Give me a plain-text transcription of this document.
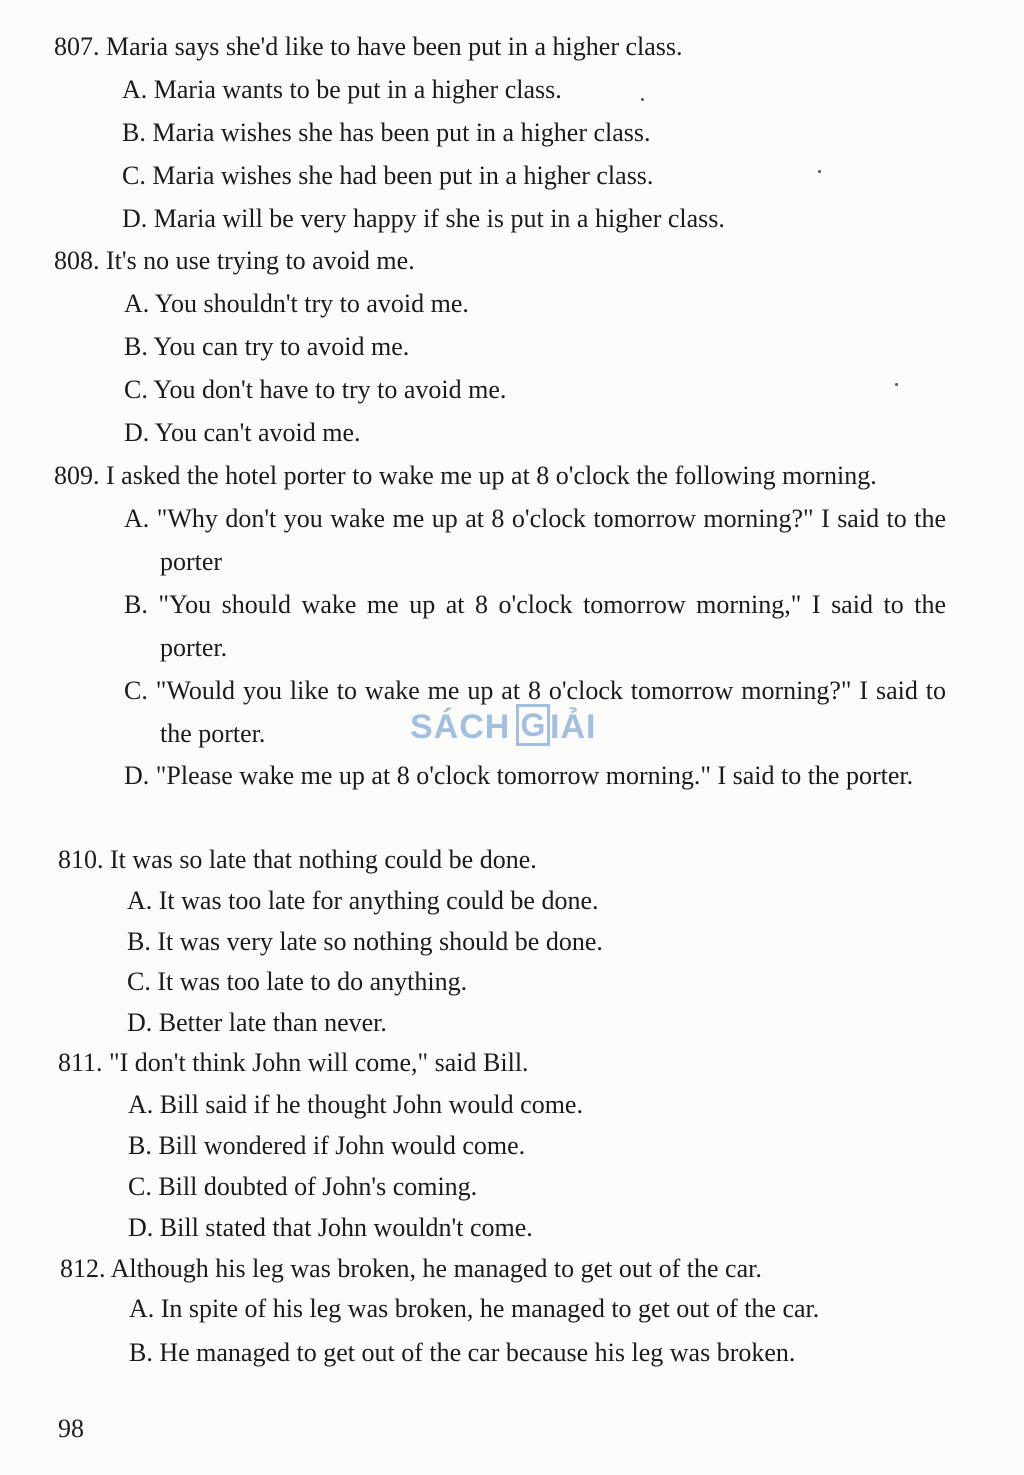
807. Maria says she'd like to have been put in a higher class.
A. Maria wants to be put in a higher class.
B. Maria wishes she has been put in a higher class.
C. Maria wishes she had been put in a higher class.
D. Maria will be very happy if she is put in a higher class.
808. It's no use trying to avoid me.
A. You shouldn't try to avoid me.
B. You can try to avoid me.
C. You don't have to try to avoid me.
D. You can't avoid me.
809. I asked the hotel porter to wake me up at 8 o'clock the following morning.
A. "Why don't you wake me up at 8 o'clock tomorrow morning?" I said to the porter
B. "You should wake me up at 8 o'clock tomorrow morning," I said to the porter.
C. "Would you like to wake me up at 8 o'clock tomorrow morning?" I said to the porter.
D. "Please wake me up at 8 o'clock tomorrow morning." I said to the porter.
810. It was so late that nothing could be done.
A. It was too late for anything could be done.
B. It was very late so nothing should be done.
C. It was too late to do anything.
D. Better late than never.
811. "I don't think John will come," said Bill.
A. Bill said if he thought John would come.
B. Bill wondered if John would come.
C. Bill doubted of John's coming.
D. Bill stated that John wouldn't come.
812. Although his leg was broken, he managed to get out of the car.
A. In spite of his leg was broken, he managed to get out of the car.
B. He managed to get out of the car because his leg was broken.
98
SÁCH G IẢI
